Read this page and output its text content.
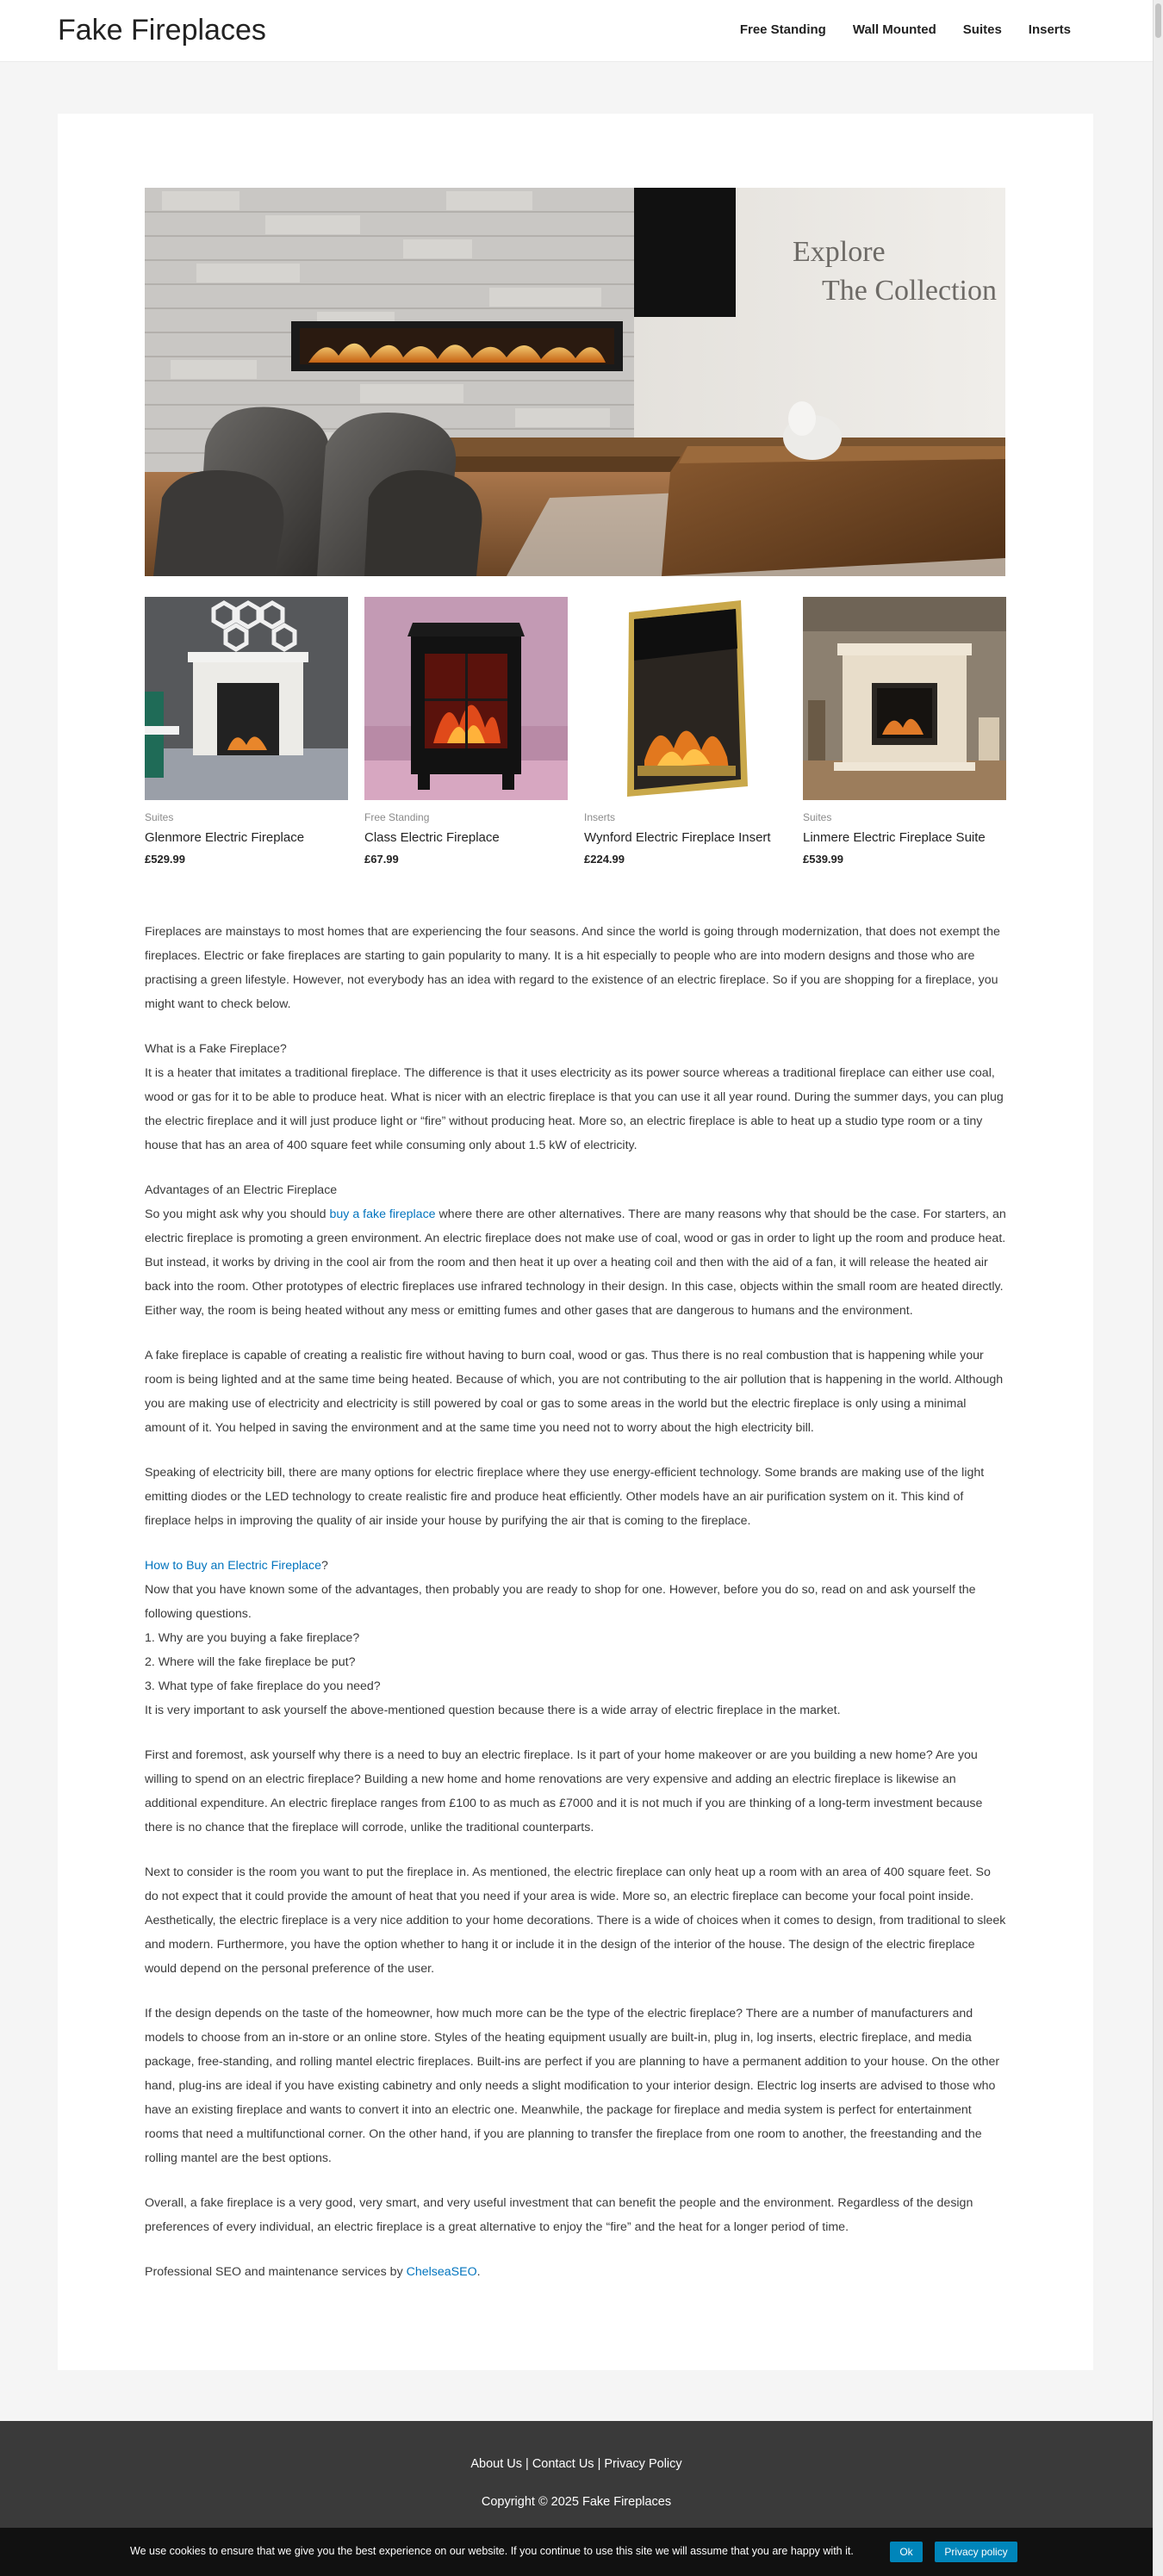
Fake Fireplaces	Free Standing Wall Mounted Suites Inserts
Explore
The Collection
Suites
Glenmore Electric Fireplace
£529.99
Free Standing
Class Electric Fireplace
£67.99
Inserts
Wynford Electric Fireplace Insert
£224.99
Suites
Linmere Electric Fireplace Suite
£539.99

Fireplaces are mainstays to most homes that are experiencing the four seasons. And since the world is going through modernization, that does not exempt the fireplaces. Electric or fake fireplaces are starting to gain popularity to many. It is a hit especially to people who are into modern designs and those who are practising a green lifestyle. However, not everybody has an idea with regard to the existence of an electric fireplace. So if you are shopping for a fireplace, you might want to check below.

What is a Fake Fireplace?

It is a heater that imitates a traditional fireplace. The difference is that it uses electricity as its power source whereas a traditional fireplace can either use coal, wood or gas for it to be able to produce heat. What is nicer with an electric fireplace is that you can use it all year round. During the summer days, you can plug the electric fireplace and it will just produce light or “fire” without producing heat. More so, an electric fireplace is able to heat up a studio type room or a tiny house that has an area of 400 square feet while consuming only about 1.5 kW of electricity.

Advantages of an Electric Fireplace

So you might ask why you should buy a fake fireplace where there are other alternatives. There are many reasons why that should be the case. For starters, an electric fireplace is promoting a green environment. An electric fireplace does not make use of coal, wood or gas in order to light up the room and produce heat. But instead, it works by driving in the cool air from the room and then heat it up over a heating coil and then with the aid of a fan, it will release the heated air back into the room. Other prototypes of electric fireplaces use infrared technology in their design. In this case, objects within the small room are heated directly. Either way, the room is being heated without any mess or emitting fumes and other gases that are dangerous to humans and the environment.

A fake fireplace is capable of creating a realistic fire without having to burn coal, wood or gas. Thus there is no real combustion that is happening while your room is being lighted and at the same time being heated. Because of which, you are not contributing to the air pollution that is happening in the world. Although you are making use of electricity and electricity is still powered by coal or gas to some areas in the world but the electric fireplace is only using a minimal amount of it. You helped in saving the environment and at the same time you need not to worry about the high electricity bill.

Speaking of electricity bill, there are many options for electric fireplace where they use energy-efficient technology. Some brands are making use of the light emitting diodes or the LED technology to create realistic fire and produce heat efficiently. Other models have an air purification system on it. This kind of fireplace helps in improving the quality of air inside your house by purifying the air that is coming to the fireplace.

How to Buy an Electric Fireplace?

Now that you have known some of the advantages, then probably you are ready to shop for one. However, before you do so, read on and ask yourself the following questions.

1. Why are you buying a fake fireplace?

2. Where will the fake fireplace be put?

3. What type of fake fireplace do you need?

It is very important to ask yourself the above-mentioned question because there is a wide array of electric fireplace in the market.

First and foremost, ask yourself why there is a need to buy an electric fireplace. Is it part of your home makeover or are you building a new home? Are you willing to spend on an electric fireplace? Building a new home and home renovations are very expensive and adding an electric fireplace is likewise an additional expenditure. An electric fireplace ranges from £100 to as much as £7000 and it is not much if you are thinking of a long-term investment because there is no chance that the fireplace will corrode, unlike the traditional counterparts.

Next to consider is the room you want to put the fireplace in. As mentioned, the electric fireplace can only heat up a room with an area of 400 square feet. So do not expect that it could provide the amount of heat that you need if your area is wide. More so, an electric fireplace can become your focal point inside. Aesthetically, the electric fireplace is a very nice addition to your home decorations. There is a wide of choices when it comes to design, from traditional to sleek and modern. Furthermore, you have the option whether to hang it or include it in the design of the interior of the house. The design of the electric fireplace would depend on the personal preference of the user.

If the design depends on the taste of the homeowner, how much more can be the type of the electric fireplace? There are a number of manufacturers and models to choose from an in-store or an online store. Styles of the heating equipment usually are built-in, plug in, log inserts, electric fireplace, and media package, free-standing, and rolling mantel electric fireplaces. Built-ins are perfect if you are planning to have a permanent addition to your house. On the other hand, plug-ins are ideal if you have existing cabinetry and only needs a slight modification to your interior design. Electric log inserts are advised to those who have an existing fireplace and wants to convert it into an electric one. Meanwhile, the package for fireplace and media system is perfect for entertainment rooms that need a multifunctional corner. On the other hand, if you are planning to transfer the fireplace from one room to another, the freestanding and the rolling mantel are the best options.

Overall, a fake fireplace is a very good, very smart, and very useful investment that can benefit the people and the environment. Regardless of the design preferences of every individual, an electric fireplace is a great alternative to enjoy the “fire” and the heat for a longer period of time.

Professional SEO and maintenance services by ChelseaSEO.

About Us | Contact Us | Privacy Policy
Copyright © 2025 Fake Fireplaces
We use cookies to ensure that we give you the best experience on our website. If you continue to use this site we will assume that you are happy with it.	Ok	Privacy policy
